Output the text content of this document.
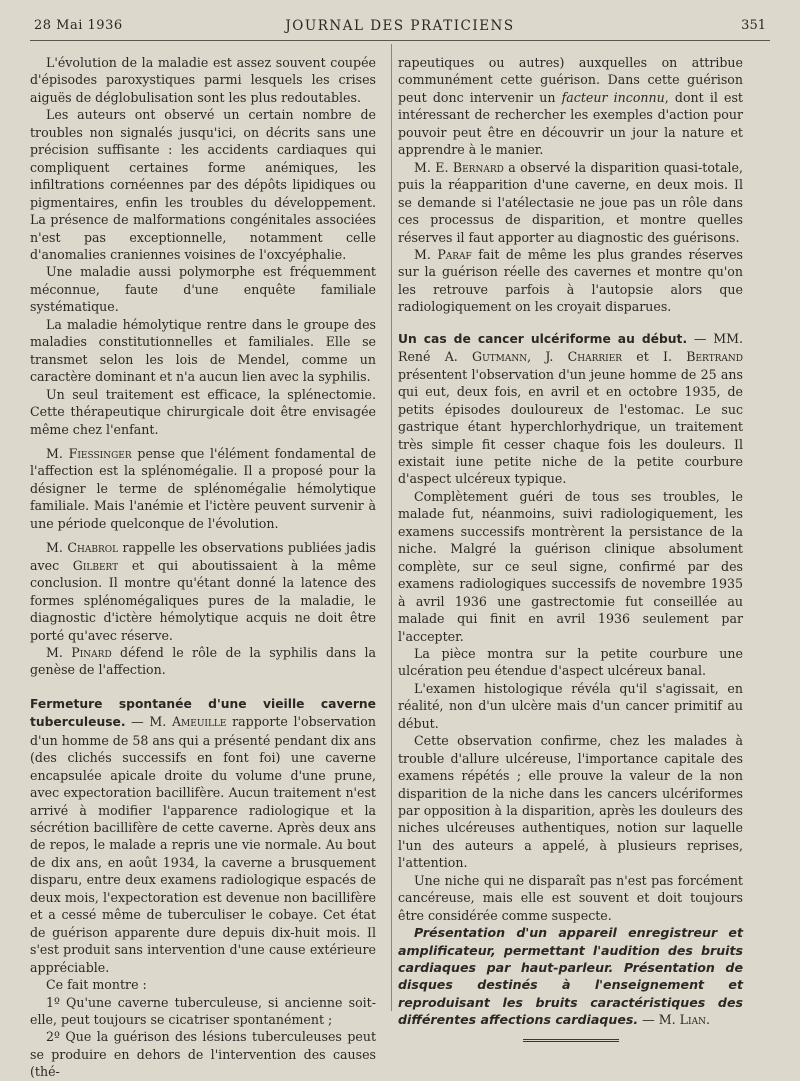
28 Mai 1936	JOURNAL DES PRATICIENS	351

L'évolution de la maladie est assez souvent coupée d'épisodes paroxystiques parmi lesquels les crises aiguës de déglobulisation sont les plus redoutables.

Les auteurs ont observé un certain nombre de troubles non signalés jusqu'ici, on décrits sans une précision suffisante : les accidents cardiaques qui compliquent certaines forme anémiques, les infiltrations cornéennes par des dépôts lipidiques ou pigmentaires, enfin les troubles du développement. La présence de malformations congénitales associées n'est pas exceptionnelle, notamment celle d'anomalies craniennes voisines de l'oxcyéphalie.

Une maladie aussi polymorphe est fréquemment méconnue, faute d'une enquête familiale systématique.

La maladie hémolytique rentre dans le groupe des maladies constitutionnelles et familiales. Elle se transmet selon les lois de Mendel, comme un caractère dominant et n'a aucun lien avec la syphilis.

Un seul traitement est efficace, la splénectomie. Cette thérapeutique chirurgicale doit être envisagée même chez l'enfant.

M. Fiessinger pense que l'élément fondamental de l'affection est la splénomégalie. Il a proposé pour la désigner le terme de splénomégalie hémolytique familiale. Mais l'anémie et l'ictère peuvent survenir à une période quelconque de l'évolution.

M. Chabrol rappelle les observations publiées jadis avec Gilbert et qui aboutissaient à la même conclusion. Il montre qu'étant donné la latence des formes splénomégaliques pures de la maladie, le diagnostic d'ictère hémolytique acquis ne doit être porté qu'avec réserve.

M. Pinard défend le rôle de la syphilis dans la genèse de l'affection.

Fermeture spontanée d'une vieille caverne tuberculeuse. — M. Ameuille rapporte l'observation d'un homme de 58 ans qui a présenté pendant dix ans (des clichés successifs en font foi) une caverne encapsulée apicale droite du volume d'une prune, avec expectoration bacillifère. Aucun traitement n'est arrivé à modifier l'apparence radiologique et la sécrétion bacillifère de cette caverne. Après deux ans de repos, le malade a repris une vie normale. Au bout de dix ans, en août 1934, la caverne a brusquement disparu, entre deux examens radiologique espacés de deux mois, l'expectoration est devenue non bacillifère et a cessé même de tuberculiser le cobaye. Cet état de guérison apparente dure depuis dix-huit mois. Il s'est produit sans intervention d'une cause extérieure appréciable.

Ce fait montre :

1º Qu'une caverne tuberculeuse, si ancienne soit-elle, peut toujours se cicatriser spontanément ;

2º Que la guérison des lésions tuberculeuses peut se produire en dehors de l'intervention des causes (thé-

rapeutiques ou autres) auxquelles on attribue communément cette guérison. Dans cette guérison peut donc intervenir un facteur inconnu, dont il est intéressant de rechercher les exemples d'action pour pouvoir peut être en découvrir un jour la nature et apprendre à le manier.

M. E. Bernard a observé la disparition quasi-totale, puis la réapparition d'une caverne, en deux mois. Il se demande si l'atélectasie ne joue pas un rôle dans ces processus de disparition, et montre quelles réserves il faut apporter au diagnostic des guérisons.

M. Paraf fait de même les plus grandes réserves sur la guérison réelle des cavernes et montre qu'on les retrouve parfois à l'autopsie alors que radiologiquement on les croyait disparues.

Un cas de cancer ulcériforme au début. — MM. René A. Gutmann, J. Charrier et I. Bertrand présentent l'observation d'un jeune homme de 25 ans qui eut, deux fois, en avril et en octobre 1935, de petits épisodes douloureux de l'estomac. Le suc gastrique étant hyperchlorhydrique, un traitement très simple fit cesser chaque fois les douleurs. Il existait iune petite niche de la petite courbure d'aspect ulcéreux typique.

Complètement guéri de tous ses troubles, le malade fut, néanmoins, suivi radiologiquement, les examens successifs montrèrent la persistance de la niche. Malgré la guérison clinique absolument complète, sur ce seul signe, confirmé par des examens radiologiques successifs de novembre 1935 à avril 1936 une gastrectomie fut conseillée au malade qui finit en avril 1936 seulement par l'accepter.

La pièce montra sur la petite courbure une ulcération peu étendue d'aspect ulcéreux banal.

L'examen histologique révéla qu'il s'agissait, en réalité, non d'un ulcère mais d'un cancer primitif au début.

Cette observation confirme, chez les malades à trouble d'allure ulcéreuse, l'importance capitale des examens répétés ; elle prouve la valeur de la non disparition de la niche dans les cancers ulcériformes par opposition à la disparition, après les douleurs des niches ulcéreuses authentiques, notion sur laquelle l'un des auteurs a appelé, à plusieurs reprises, l'attention.

Une niche qui ne disparaît pas n'est pas forcément cancéreuse, mais elle est souvent et doit toujours être considérée comme suspecte.

Présentation d'un appareil enregistreur et amplificateur, permettant l'audition des bruits cardiaques par haut-parleur. Présentation de disques destinés à l'enseignement et reproduisant les bruits caractéristiques des différentes affections cardiaques. — M. Lian.
